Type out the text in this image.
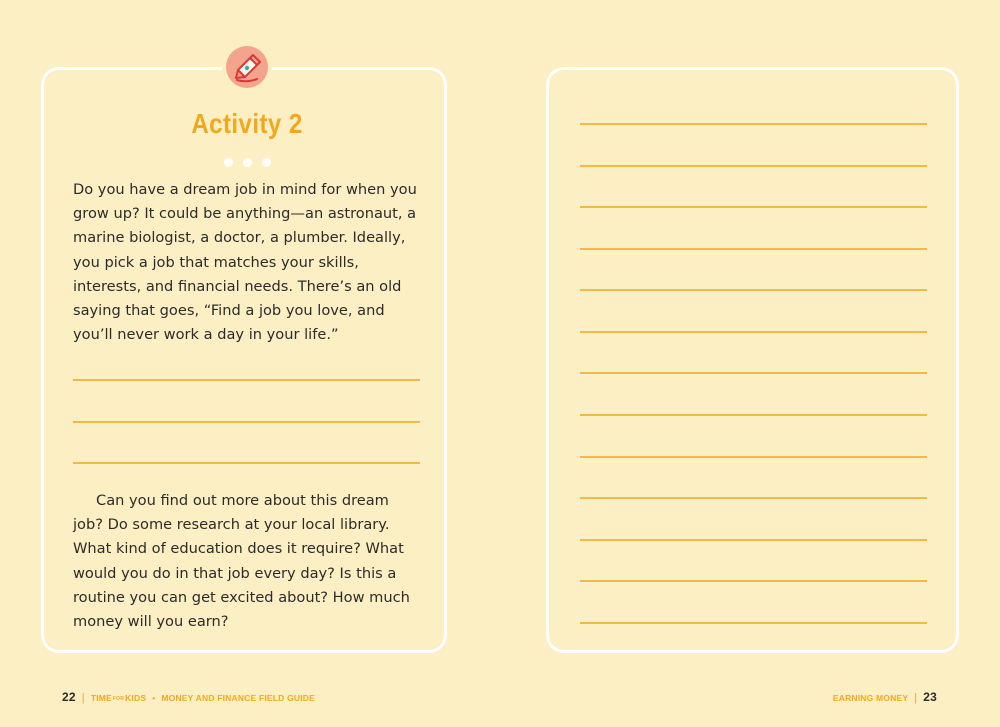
Activity 2

Do you have a dream job in mind for when you grow up? It could be anything—an astronaut, a marine biologist, a doctor, a plumber. Ideally, you pick a job that matches your skills, interests, and financial needs. There’s an old saying that goes, “Find a job you love, and you’ll never work a day in your life.”

Can you find out more about this dream job? Do some research at your local library. What kind of education does it require? What would you do in that job every day? Is this a routine you can get excited about? How much money will you earn?

22 | TIMEFORKIDS • MONEY AND FINANCE FIELD GUIDE	EARNING MONEY | 23
